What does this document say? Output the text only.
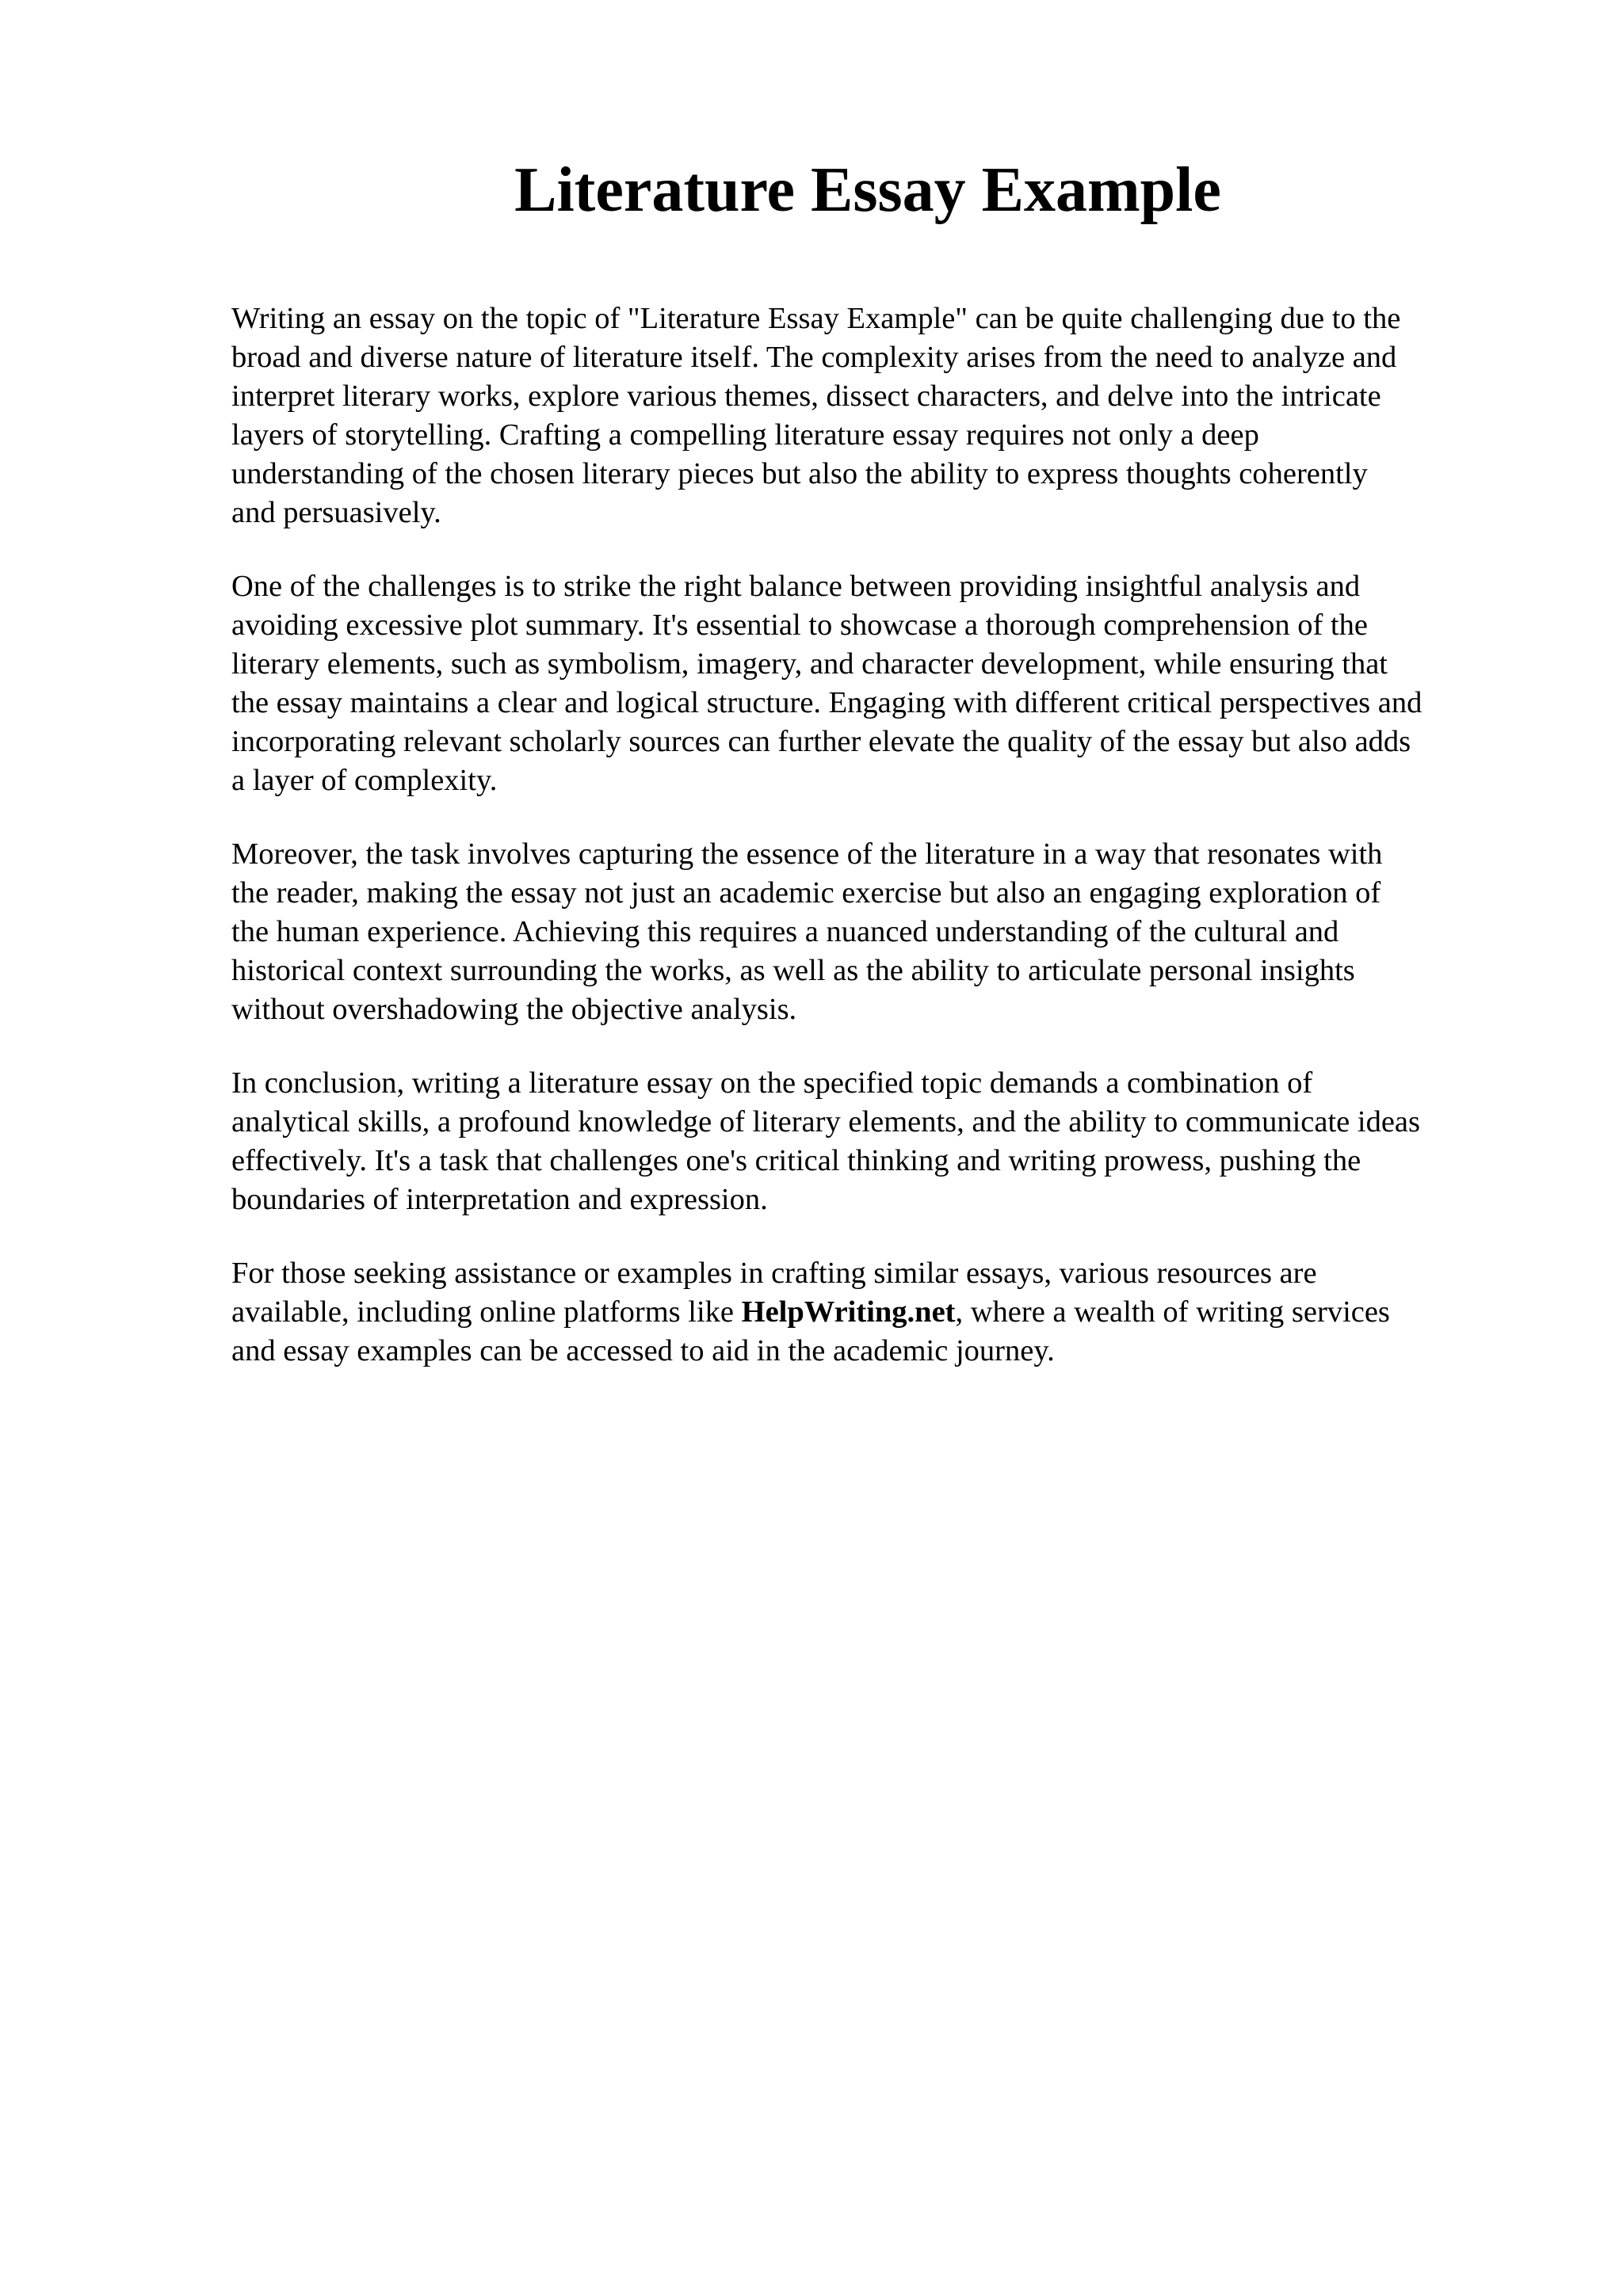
Literature Essay Example

Writing an essay on the topic of "Literature Essay Example" can be quite challenging due to the
broad and diverse nature of literature itself. The complexity arises from the need to analyze and
interpret literary works, explore various themes, dissect characters, and delve into the intricate
layers of storytelling. Crafting a compelling literature essay requires not only a deep
understanding of the chosen literary pieces but also the ability to express thoughts coherently
and persuasively.

One of the challenges is to strike the right balance between providing insightful analysis and
avoiding excessive plot summary. It's essential to showcase a thorough comprehension of the
literary elements, such as symbolism, imagery, and character development, while ensuring that
the essay maintains a clear and logical structure. Engaging with different critical perspectives and
incorporating relevant scholarly sources can further elevate the quality of the essay but also adds
a layer of complexity.

Moreover, the task involves capturing the essence of the literature in a way that resonates with
the reader, making the essay not just an academic exercise but also an engaging exploration of
the human experience. Achieving this requires a nuanced understanding of the cultural and
historical context surrounding the works, as well as the ability to articulate personal insights
without overshadowing the objective analysis.

In conclusion, writing a literature essay on the specified topic demands a combination of
analytical skills, a profound knowledge of literary elements, and the ability to communicate ideas
effectively. It's a task that challenges one's critical thinking and writing prowess, pushing the
boundaries of interpretation and expression.

For those seeking assistance or examples in crafting similar essays, various resources are
available, including online platforms like HelpWriting.net, where a wealth of writing services
and essay examples can be accessed to aid in the academic journey.
